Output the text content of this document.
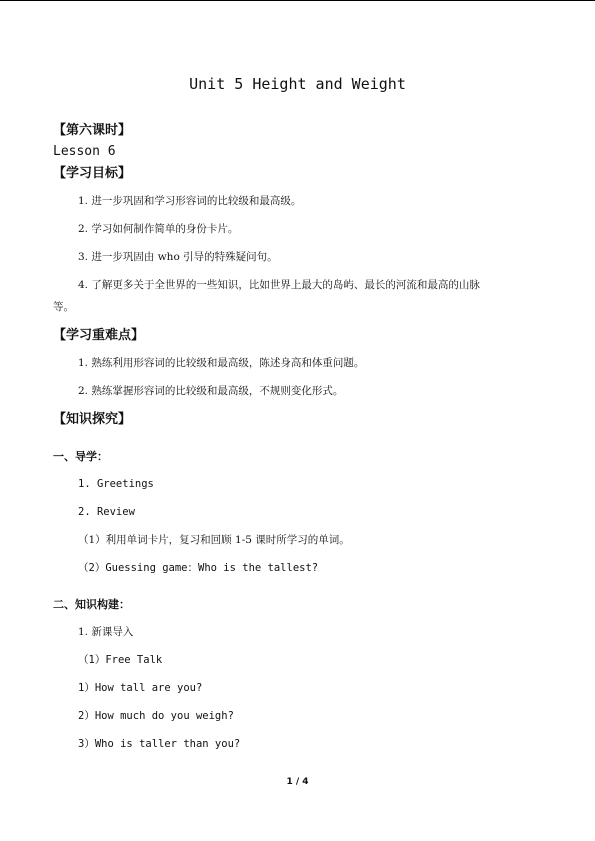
Unit 5 Height and Weight
【第六课时】
Lesson 6
【学习目标】
1. 进一步巩固和学习形容词的比较级和最高级。
2. 学习如何制作简单的身份卡片。
3. 进一步巩固由 who 引导的特殊疑问句。
4. 了解更多关于全世界的一些知识，比如世界上最大的岛屿、最长的河流和最高的山脉
等。
【学习重难点】
1. 熟练利用形容词的比较级和最高级，陈述身高和体重问题。
2. 熟练掌握形容词的比较级和最高级，不规则变化形式。
【知识探究】
一、导学：
1. Greetings
2. Review
（1）利用单词卡片，复习和回顾 1-5 课时所学习的单词。
（2）Guessing game：Who is the tallest?
二、知识构建：
1. 新课导入
（1）Free Talk
1）How tall are you?
2）How much do you weigh?
3）Who is taller than you?
1 / 4
